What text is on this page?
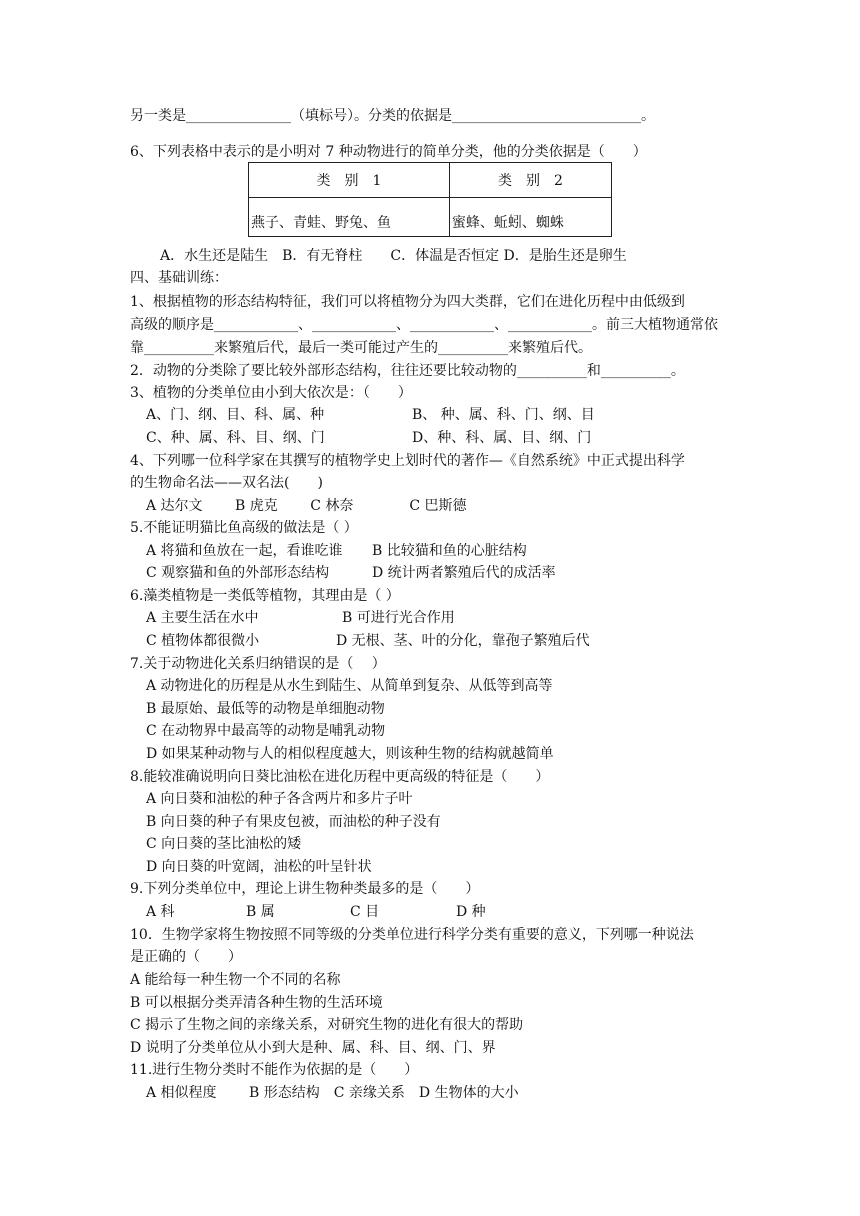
另一类是_______________（填标号）。分类的依据是___________________________。
6、下列表格中表示的是小明对 7 种动物进行的简单分类，他的分类依据是（　　）
类　别　1	类　别　2
燕子、青蛙、野兔、鱼	蜜蜂、蚯蚓、蜘蛛
A．水生还是陆生　B．有无脊柱　　C．体温是否恒定 D．是胎生还是卵生
四、基础训练：
1、根据植物的形态结构特征，我们可以将植物分为四大类群，它们在进化历程中由低级到
高级的顺序是____________、____________、____________、____________。前三大植物通常依
靠__________来繁殖后代，最后一类可能过产生的__________来繁殖后代。
2．动物的分类除了要比较外部形态结构，往往还要比较动物的__________和__________。
3、植物的分类单位由小到大依次是：（　　）
A、门、纲、目、科、属、种	B、 种、属、科、门、纲、目
C、种、属、科、目、纲、门	D、种、科、属、目、纲、门
4、下列哪一位科学家在其撰写的植物学史上划时代的著作—《自然系统》中正式提出科学
的生物命名法——双名法(　　)
A 达尔文　　 B 虎克　　 C 林奈　　　　C 巴斯德
5.不能证明猫比鱼高级的做法是（ ）
A 将猫和鱼放在一起，看谁吃谁 B 比较猫和鱼的心脏结构
C 观察猫和鱼的外部形态结构	D 统计两者繁殖后代的成活率
6.藻类植物是一类低等植物，其理由是（ ）
A 主要生活在水中	B 可进行光合作用
C 植物体都很微小	D 无根、茎、叶的分化，靠孢子繁殖后代
7.关于动物进化关系归纳错误的是（　 ）
A 动物进化的历程是从水生到陆生、从简单到复杂、从低等到高等
B 最原始、最低等的动物是单细胞动物
C 在动物界中最高等的动物是哺乳动物
D 如果某种动物与人的相似程度越大，则该种生物的结构就越简单
8.能较准确说明向日葵比油松在进化历程中更高级的特征是（　　）
A 向日葵和油松的种子各含两片和多片子叶
B 向日葵的种子有果皮包被，而油松的种子没有
C 向日葵的茎比油松的矮
D 向日葵的叶宽阔，油松的叶呈针状
9.下列分类单位中，理论上讲生物种类最多的是（　　）
A 科	B 属	C 目	D 种
10．生物学家将生物按照不同等级的分类单位进行科学分类有重要的意义，下列哪一种说法
是正确的（　　）
A 能给每一种生物一个不同的名称
B 可以根据分类弄清各种生物的生活环境
C 揭示了生物之间的亲缘关系，对研究生物的进化有很大的帮助
D 说明了分类单位从小到大是种、属、科、目、纲、门、界
11.进行生物分类时不能作为依据的是（　　）
A 相似程度　　 B 形态结构　C 亲缘关系　D 生物体的大小
